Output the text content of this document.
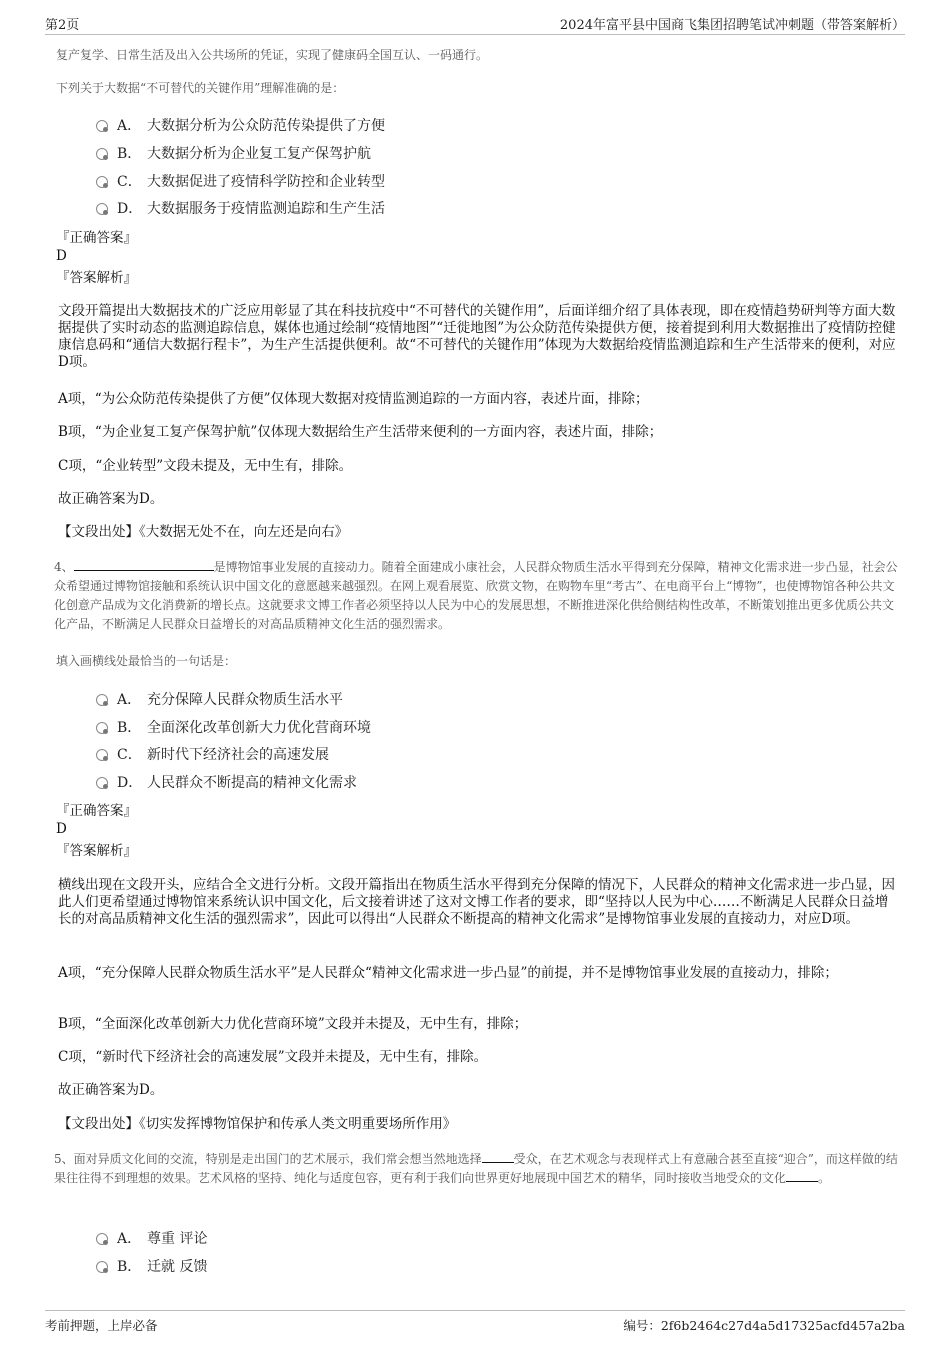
第2页	2024年富平县中国商飞集团招聘笔试冲刺题（带答案解析）
复产复学、日常生活及出入公共场所的凭证，实现了健康码全国互认、一码通行。
下列关于大数据“不可替代的关键作用”理解准确的是：
A． 大数据分析为公众防范传染提供了方便
B． 大数据分析为企业复工复产保驾护航
C． 大数据促进了疫情科学防控和企业转型
D． 大数据服务于疫情监测追踪和生产生活
『正确答案』
D
『答案解析』
文段开篇提出大数据技术的广泛应用彰显了其在科技抗疫中“不可替代的关键作用”，后面详细介绍了具体表现，即在疫情趋势研判等方面大数据提供了实时动态的监测追踪信息，媒体也通过绘制“疫情地图”“迁徙地图”为公众防范传染提供方便，接着提到利用大数据推出了疫情防控健康信息码和“通信大数据行程卡”，为生产生活提供便利。故“不可替代的关键作用”体现为大数据给疫情监测追踪和生产生活带来的便利，对应D项。
A项，“为公众防范传染提供了方便”仅体现大数据对疫情监测追踪的一方面内容，表述片面，排除；
B项，“为企业复工复产保驾护航”仅体现大数据给生产生活带来便利的一方面内容，表述片面，排除；
C项，“企业转型”文段未提及，无中生有，排除。
故正确答案为D。
【文段出处】《大数据无处不在，向左还是向右》
4、	是博物馆事业发展的直接动力。随着全面建成小康社会，人民群众物质生活水平得到充分保障，精神文化需求进一步凸显，社会公众希望通过博物馆接触和系统认识中国文化的意愿越来越强烈。在网上观看展览、欣赏文物，在购物车里“考古”、在电商平台上“博物”，也使博物馆各种公共文化创意产品成为文化消费新的增长点。这就要求文博工作者必须坚持以人民为中心的发展思想，不断推进深化供给侧结构性改革，不断策划推出更多优质公共文化产品，不断满足人民群众日益增长的对高品质精神文化生活的强烈需求。
填入画横线处最恰当的一句话是：
A． 充分保障人民群众物质生活水平
B． 全面深化改革创新大力优化营商环境
C． 新时代下经济社会的高速发展
D． 人民群众不断提高的精神文化需求
『正确答案』
D
『答案解析』
横线出现在文段开头，应结合全文进行分析。文段开篇指出在物质生活水平得到充分保障的情况下，人民群众的精神文化需求进一步凸显，因此人们更希望通过博物馆来系统认识中国文化，后文接着讲述了这对文博工作者的要求，即“坚持以人民为中心……不断满足人民群众日益增长的对高品质精神文化生活的强烈需求”，因此可以得出“人民群众不断提高的精神文化需求”是博物馆事业发展的直接动力，对应D项。
A项，“充分保障人民群众物质生活水平”是人民群众“精神文化需求进一步凸显”的前提，并不是博物馆事业发展的直接动力，排除；
B项，“全面深化改革创新大力优化营商环境”文段并未提及，无中生有，排除；
C项，“新时代下经济社会的高速发展”文段并未提及，无中生有，排除。
故正确答案为D。
【文段出处】《切实发挥博物馆保护和传承人类文明重要场所作用》
5、面对异质文化间的交流，特别是走出国门的艺术展示，我们常会想当然地选择	受众，在艺术观念与表现样式上有意融合甚至直接“迎合”，而这样做的结果往往得不到理想的效果。艺术风格的坚持、纯化与适度包容，更有利于我们向世界更好地展现中国艺术的精华，同时接收当地受众的文化	。
A． 尊重 评论
B． 迁就 反馈
考前押题，上岸必备	编号：2f6b2464c27d4a5d17325acfd457a2ba
